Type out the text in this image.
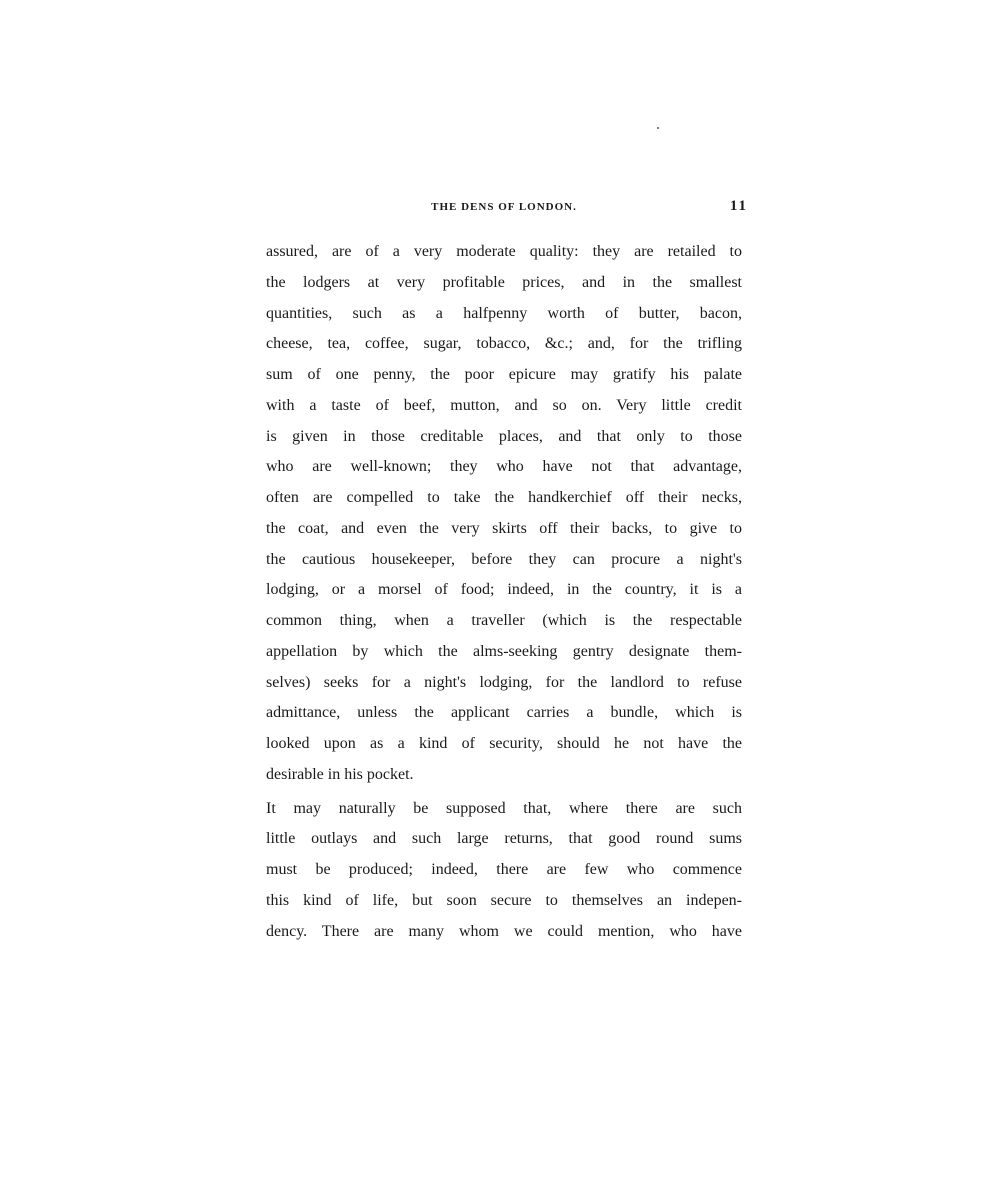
THE DENS OF LONDON.	11
assured, are of a very moderate quality: they are retailed to
the lodgers at very profitable prices, and in the smallest
quantities, such as a halfpenny worth of butter, bacon,
cheese, tea, coffee, sugar, tobacco, &c.; and, for the trifling
sum of one penny, the poor epicure may gratify his palate
with a taste of beef, mutton, and so on. Very little credit
is given in those creditable places, and that only to those
who are well-known; they who have not that advantage,
often are compelled to take the handkerchief off their necks,
the coat, and even the very skirts off their backs, to give to
the cautious housekeeper, before they can procure a night's
lodging, or a morsel of food; indeed, in the country, it is a
common thing, when a traveller (which is the respectable
appellation by which the alms-seeking gentry designate them-
selves) seeks for a night's lodging, for the landlord to refuse
admittance, unless the applicant carries a bundle, which is
looked upon as a kind of security, should he not have the
desirable in his pocket.
It may naturally be supposed that, where there are such
little outlays and such large returns, that good round sums
must be produced; indeed, there are few who commence
this kind of life, but soon secure to themselves an indepen-
dency. There are many whom we could mention, who have
